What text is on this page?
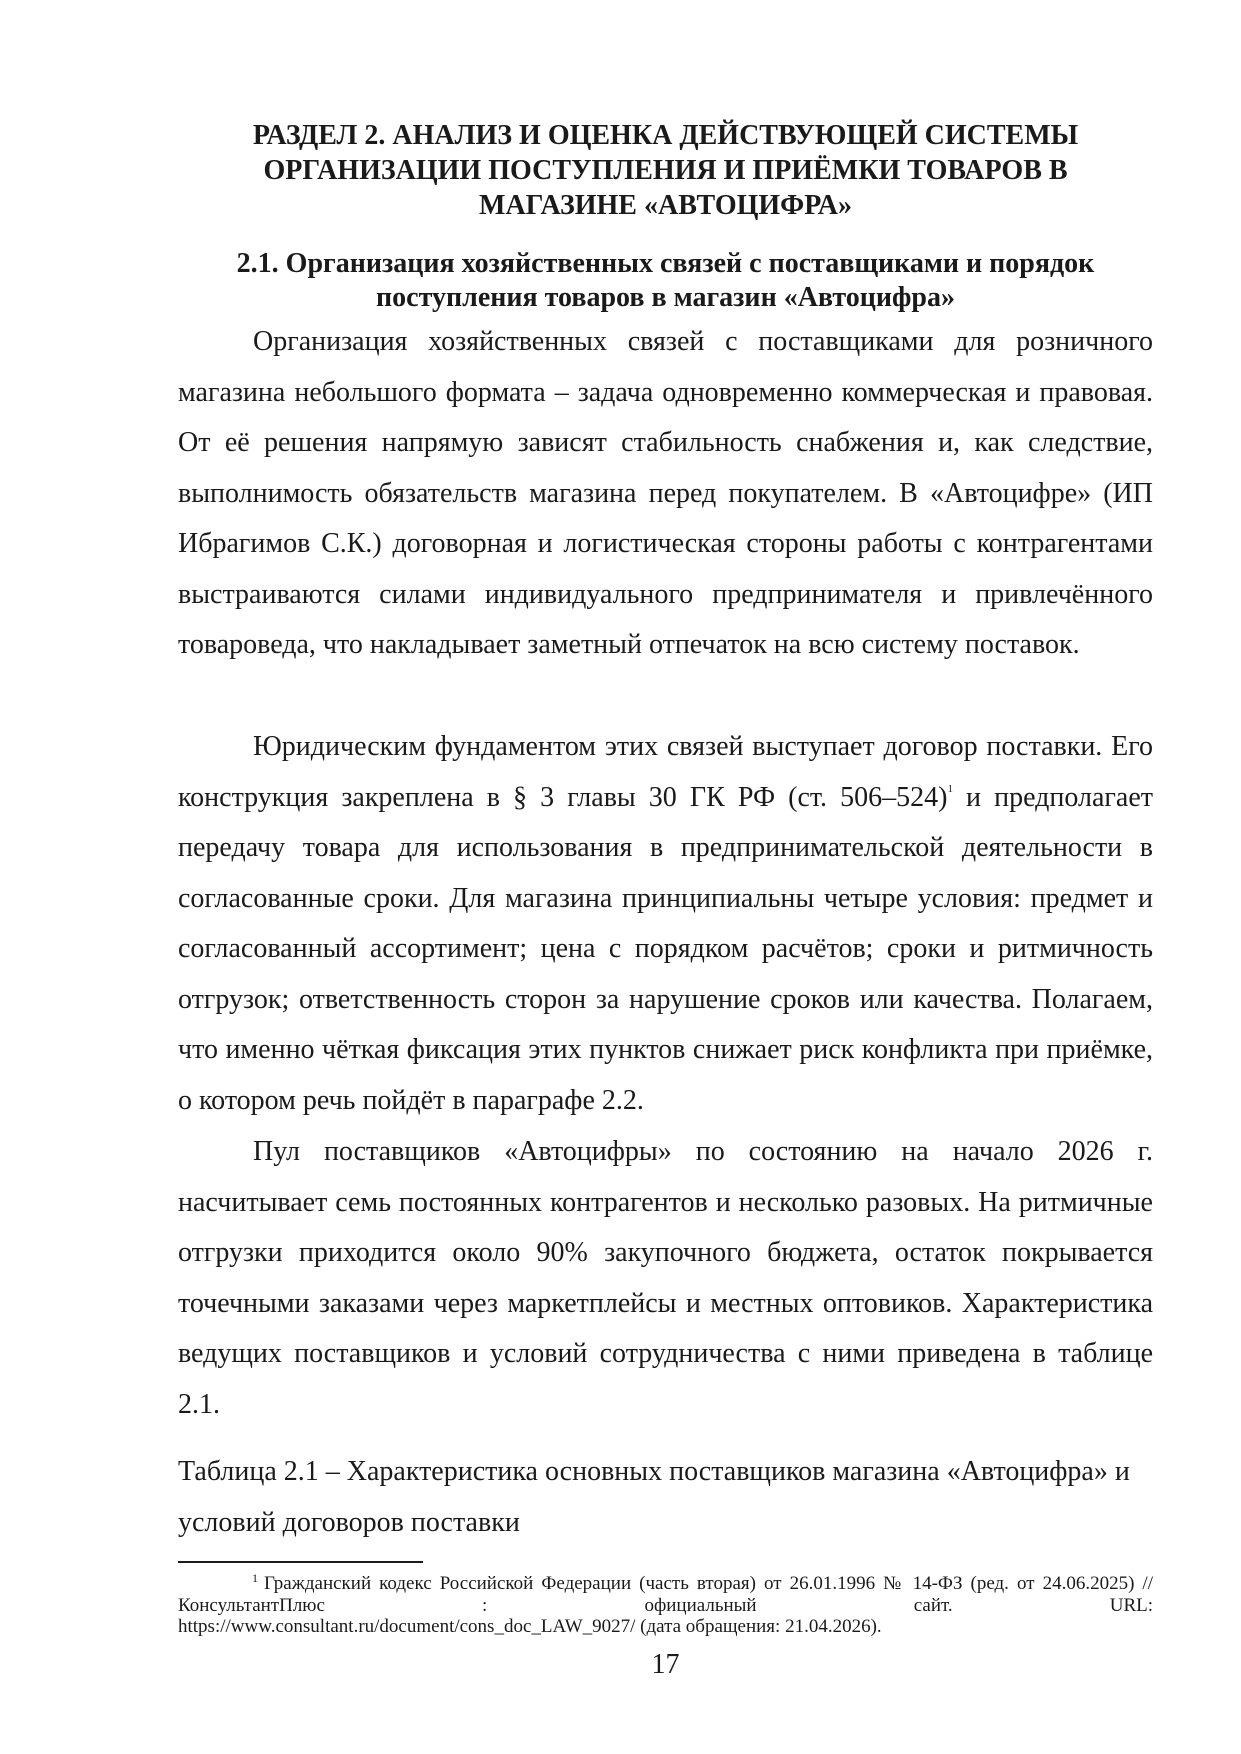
РАЗДЕЛ 2. АНАЛИЗ И ОЦЕНКА ДЕЙСТВУЮЩЕЙ СИСТЕМЫ
ОРГАНИЗАЦИИ ПОСТУПЛЕНИЯ И ПРИЁМКИ ТОВАРОВ В
МАГАЗИНЕ «АВТОЦИФРА»
2.1. Организация хозяйственных связей с поставщиками и порядок
поступления товаров в магазин «Автоцифра»

Организация хозяйственных связей с поставщиками для розничного магазина небольшого формата – задача одновременно коммерческая и правовая. От её решения напрямую зависят стабильность снабжения и, как следствие, выполнимость обязательств магазина перед покупателем. В «Автоцифре» (ИП Ибрагимов С.К.) договорная и логистическая стороны работы с контрагентами выстраиваются силами индивидуального предпринимателя и привлечённого товароведа, что накладывает заметный отпечаток на всю систему поставок.

Юридическим фундаментом этих связей выступает договор поставки. Его конструкция закреплена в § 3 главы 30 ГК РФ (ст. 506–524)$^1$ и предполагает передачу товара для использования в предпринимательской деятельности в согласованные сроки. Для магазина принципиальны четыре условия: предмет и согласованный ассортимент; цена с порядком расчётов; сроки и ритмичность отгрузок; ответственность сторон за нарушение сроков или качества. Полагаем, что именно чёткая фиксация этих пунктов снижает риск конфликта при приёмке, о котором речь пойдёт в параграфе 2.2.

Пул поставщиков «Автоцифры» по состоянию на начало 2026 г. насчитывает семь постоянных контрагентов и несколько разовых. На ритмичные отгрузки приходится около 90% закупочного бюджета, остаток покрывается точечными заказами через маркетплейсы и местных оптовиков. Характеристика ведущих поставщиков и условий сотрудничества с ними приведена в таблице 2.1.

Таблица 2.1 – Характеристика основных поставщиков магазина «Автоцифра» и условий договоров поставки

$^1$ Гражданский кодекс Российской Федерации (часть вторая) от 26.01.1996 № 14-ФЗ (ред. от 24.06.2025) // КонсультантПлюс : официальный сайт. URL:
https://www.consultant.ru/document/cons_doc_LAW_9027/ (дата обращения: 21.04.2026).

17
